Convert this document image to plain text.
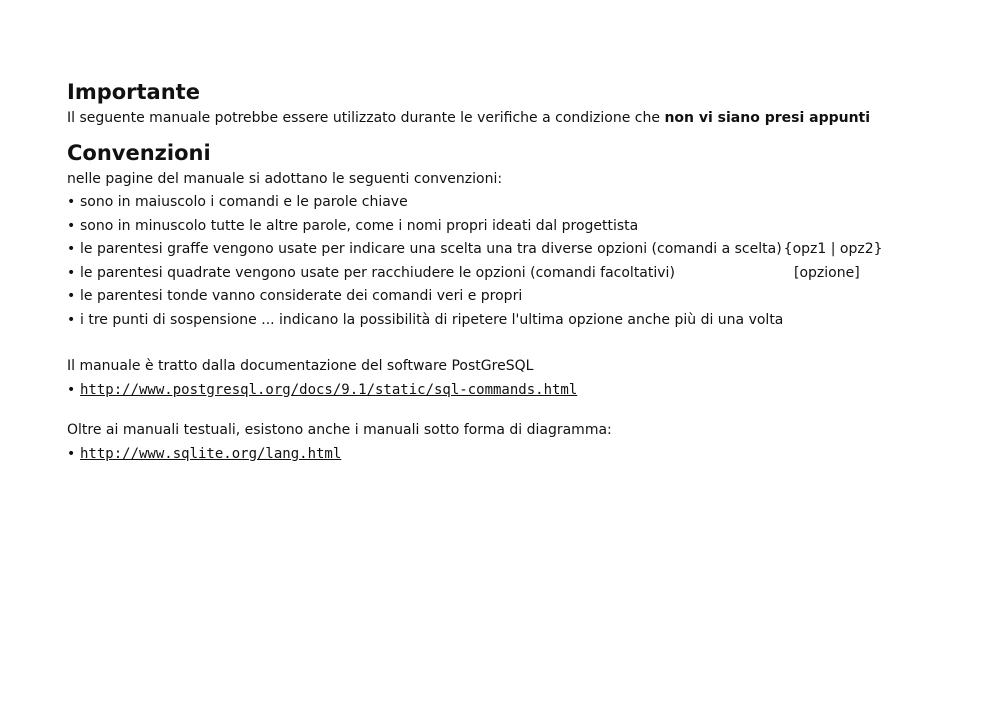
Importante

Il seguente manuale potrebbe essere utilizzato durante le verifiche a condizione che non vi siano presi appunti

Convenzioni

nelle pagine del manuale si adottano le seguenti convenzioni:

• sono in maiuscolo i comandi e le parole chiave
• sono in minuscolo tutte le altre parole, come i nomi propri ideati dal progettista
• le parentesi graffe vengono usate per indicare una scelta una tra diverse opzioni (comandi a scelta) {opz1 | opz2}
• le parentesi quadrate vengono usate per racchiudere le opzioni (comandi facoltativi)	[opzione]
• le parentesi tonde vanno considerate dei comandi veri e propri
• i tre punti di sospensione ... indicano la possibilità di ripetere l'ultima opzione anche più di una volta

Il manuale è tratto dalla documentazione del software PostGreSQL

• http://www.postgresql.org/docs/9.1/static/sql-commands.html

Oltre ai manuali testuali, esistono anche i manuali sotto forma di diagramma:

• http://www.sqlite.org/lang.html
